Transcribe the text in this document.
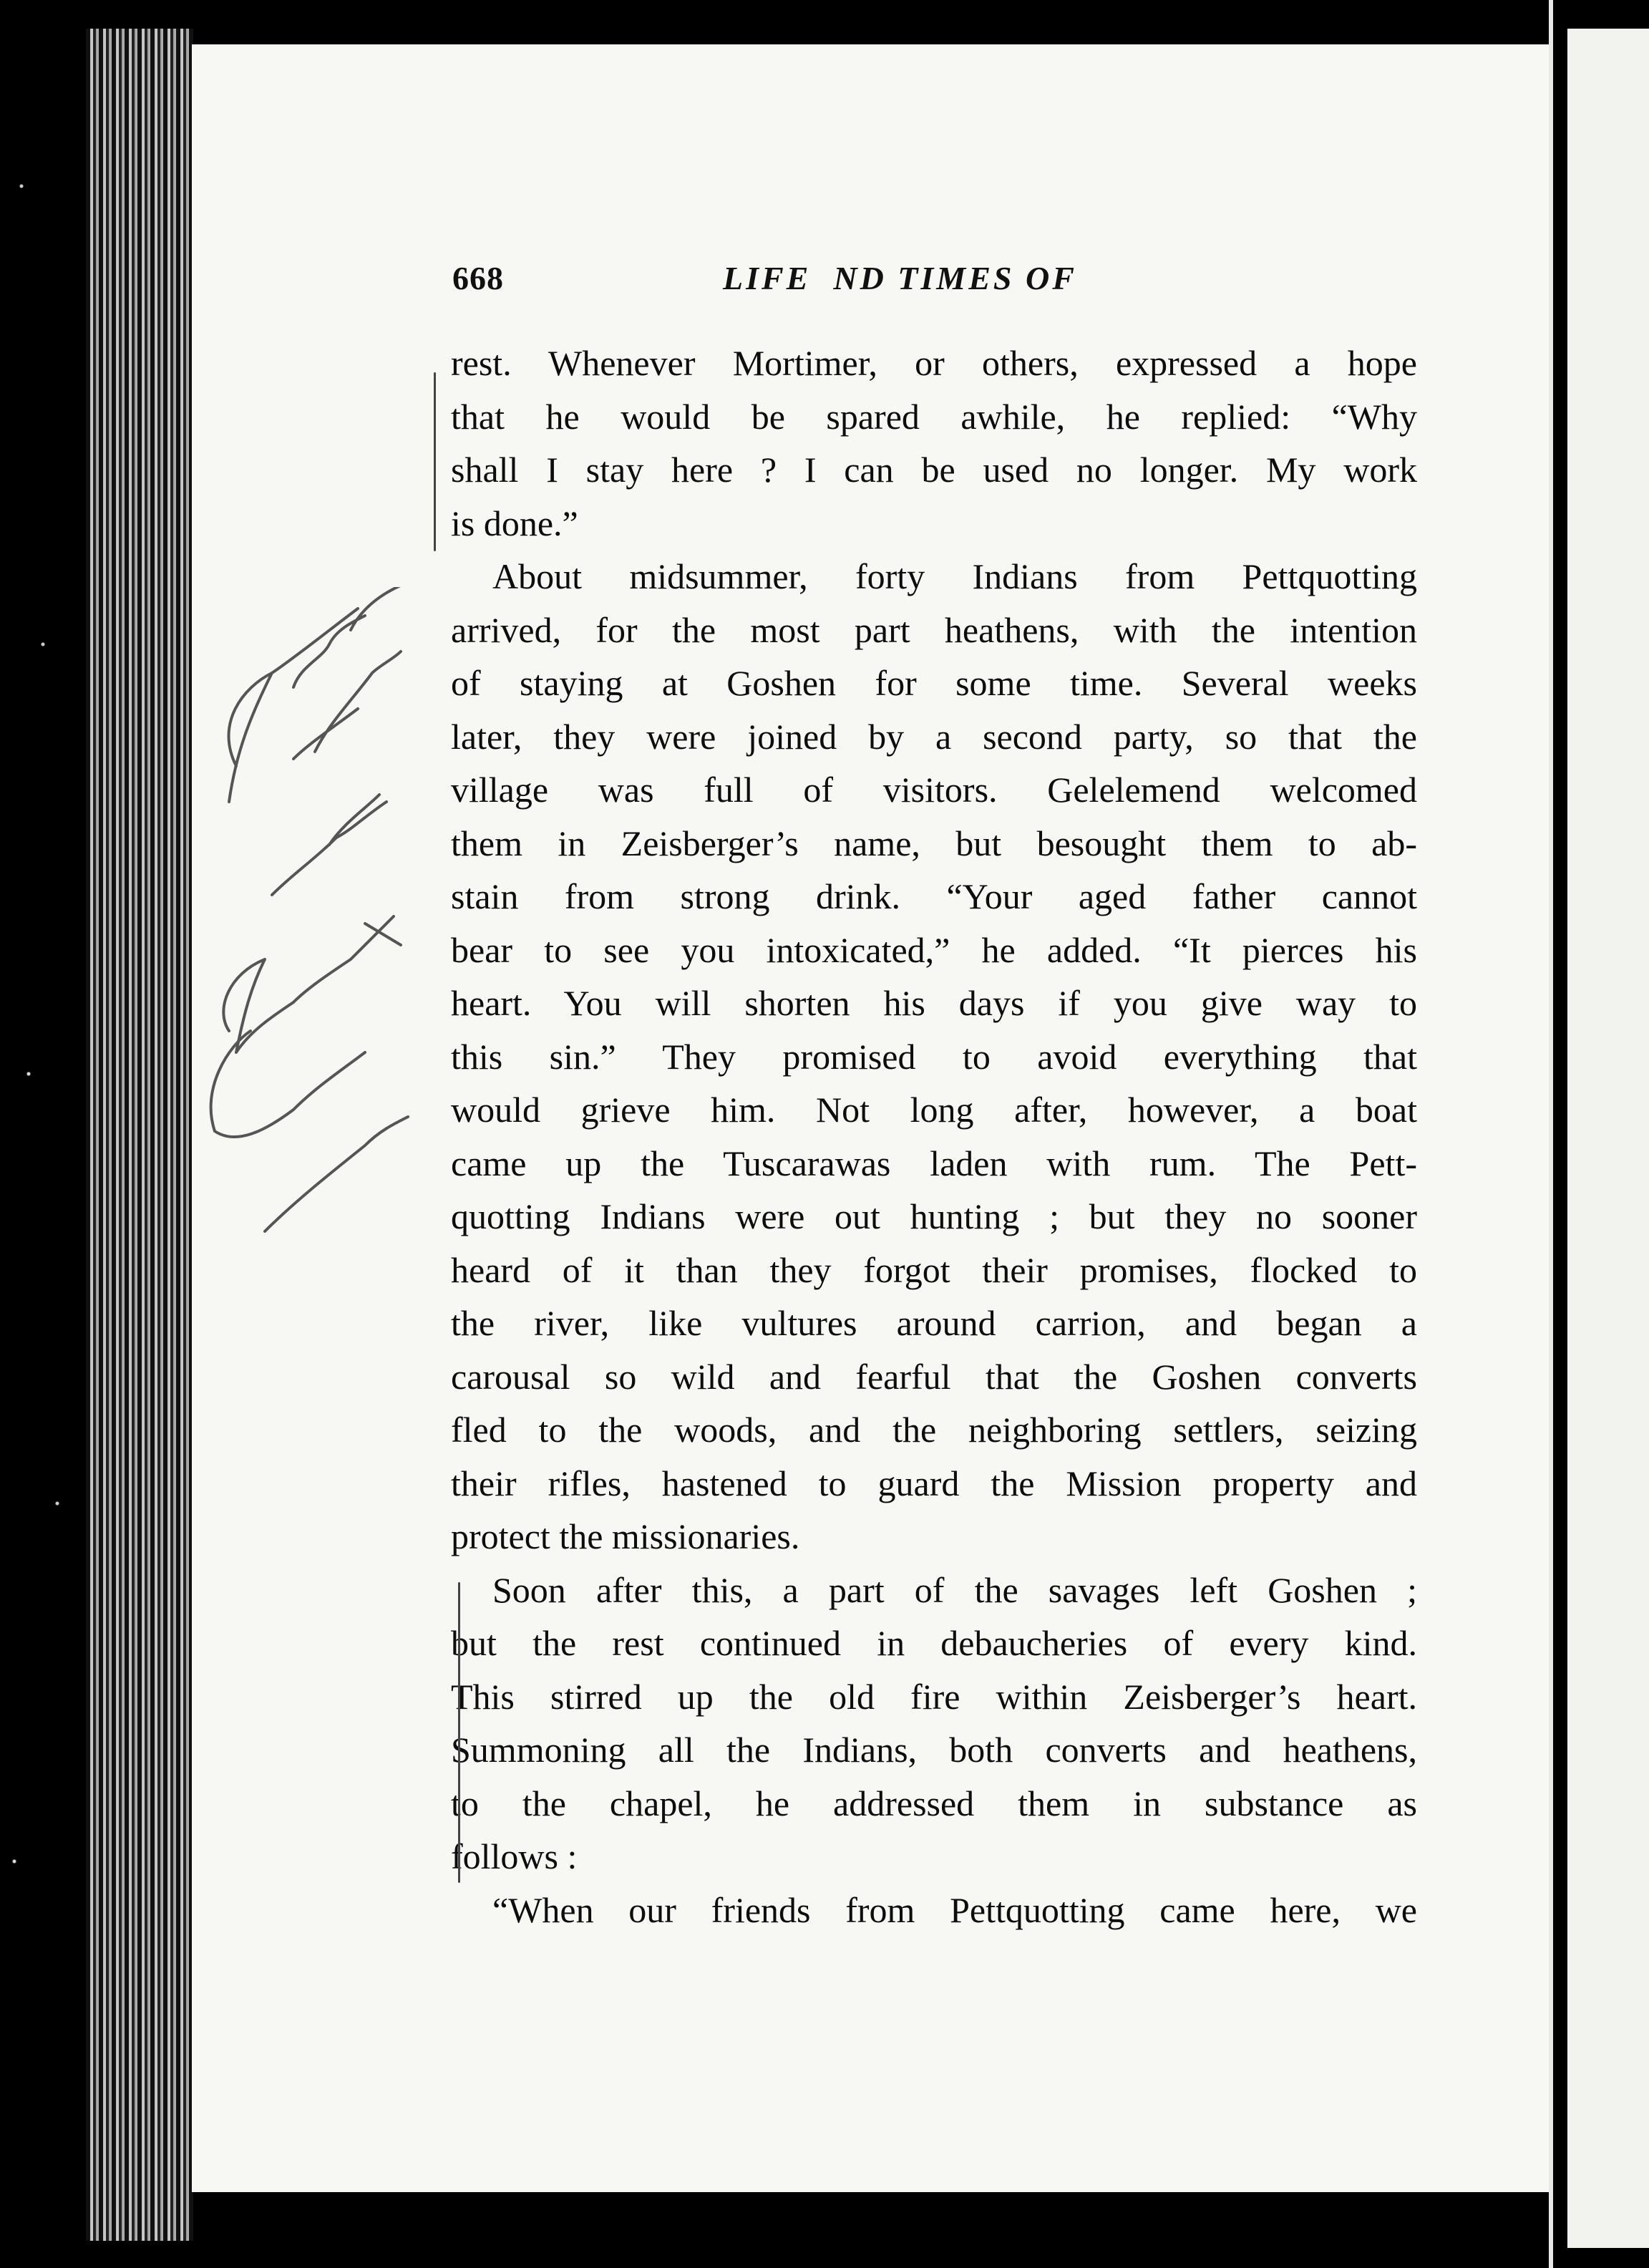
668	LIFE  ND TIMES OF
rest. Whenever Mortimer, or others, expressed a hope
that he would be spared awhile, he replied: “Why
shall I stay here ? I can be used no longer. My work
is done.”
About midsummer, forty Indians from Pettquotting
arrived, for the most part heathens, with the intention
of staying at Goshen for some time. Several weeks
later, they were joined by a second party, so that the
village was full of visitors. Gelelemend welcomed
them in Zeisberger’s name, but besought them to ab-
stain from strong drink. “Your aged father cannot
bear to see you intoxicated,” he added. “It pierces his
heart. You will shorten his days if you give way to
this sin.” They promised to avoid everything that
would grieve him. Not long after, however, a boat
came up the Tuscarawas laden with rum. The Pett-
quotting Indians were out hunting ; but they no sooner
heard of it than they forgot their promises, flocked to
the river, like vultures around carrion, and began a
carousal so wild and fearful that the Goshen converts
fled to the woods, and the neighboring settlers, seizing
their rifles, hastened to guard the Mission property and
protect the missionaries.
Soon after this, a part of the savages left Goshen ;
but the rest continued in debaucheries of every kind.
This stirred up the old fire within Zeisberger’s heart.
Summoning all the Indians, both converts and heathens,
to the chapel, he addressed them in substance as
follows :
“When our friends from Pettquotting came here, we
